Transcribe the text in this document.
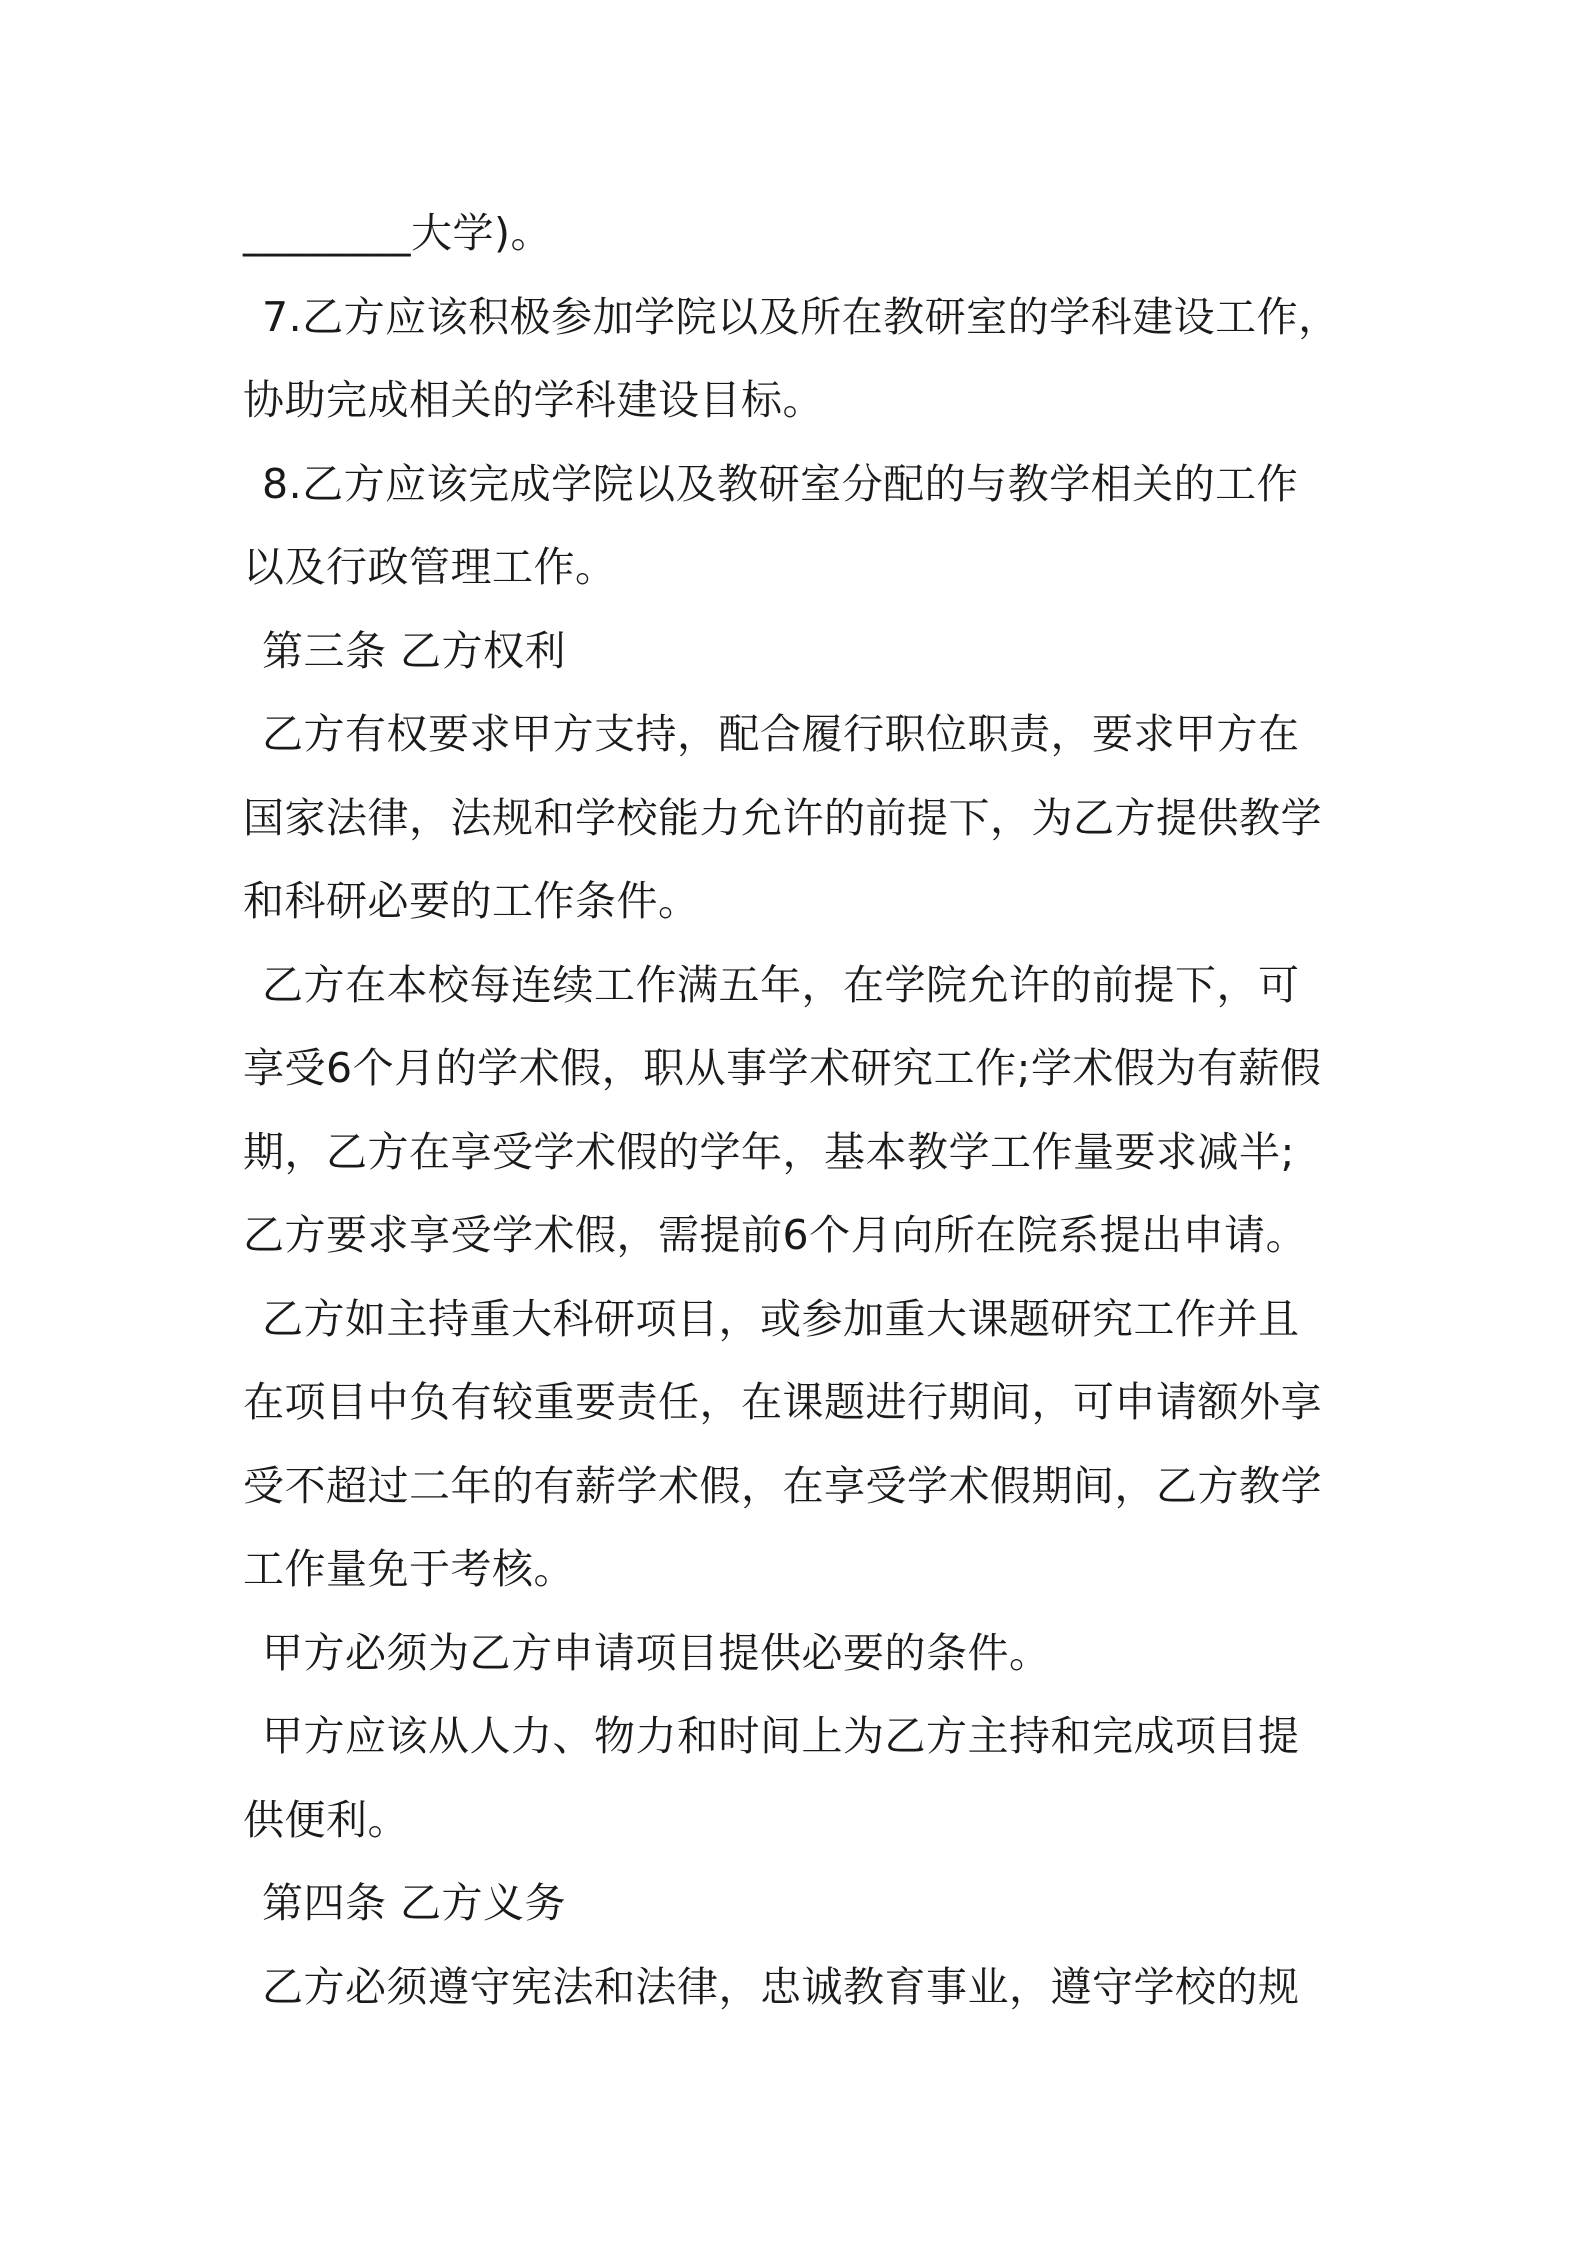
________大学)。
7.乙方应该积极参加学院以及所在教研室的学科建设工作，
协助完成相关的学科建设目标。
8.乙方应该完成学院以及教研室分配的与教学相关的工作
以及行政管理工作。
第三条 乙方权利
乙方有权要求甲方支持，配合履行职位职责，要求甲方在
国家法律，法规和学校能力允许的前提下，为乙方提供教学
和科研必要的工作条件。
乙方在本校每连续工作满五年，在学院允许的前提下，可
享受6个月的学术假，职从事学术研究工作;学术假为有薪假
期，乙方在享受学术假的学年，基本教学工作量要求减半;
乙方要求享受学术假，需提前6个月向所在院系提出申请。
乙方如主持重大科研项目，或参加重大课题研究工作并且
在项目中负有较重要责任，在课题进行期间，可申请额外享
受不超过二年的有薪学术假，在享受学术假期间，乙方教学
工作量免于考核。
甲方必须为乙方申请项目提供必要的条件。
甲方应该从人力、物力和时间上为乙方主持和完成项目提
供便利。
第四条 乙方义务
乙方必须遵守宪法和法律，忠诚教育事业，遵守学校的规
